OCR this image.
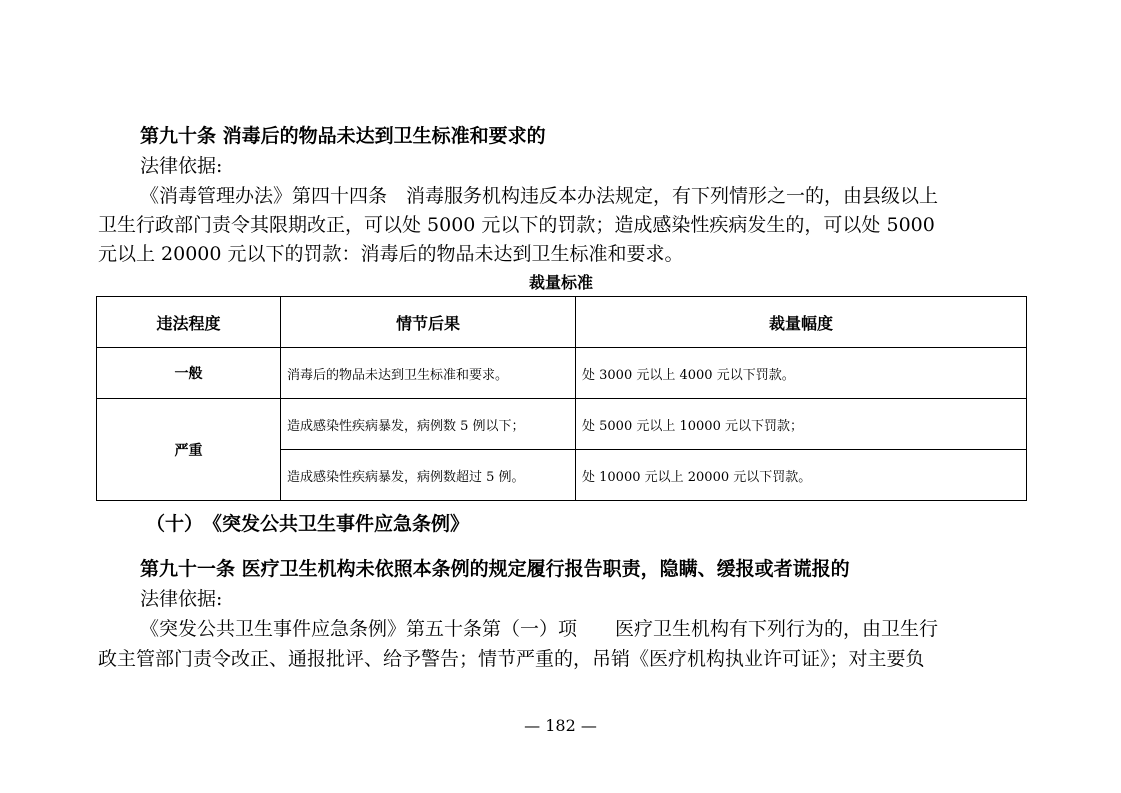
第九十条 消毒后的物品未达到卫生标准和要求的
法律依据:
《消毒管理办法》第四十四条　消毒服务机构违反本办法规定，有下列情形之一的，由县级以上
卫生行政部门责令其限期改正，可以处 5000 元以下的罚款；造成感染性疾病发生的，可以处 5000
元以上 20000 元以下的罚款：消毒后的物品未达到卫生标准和要求。
裁量标准
违法程度	情节后果	裁量幅度
一般	消毒后的物品未达到卫生标准和要求。	处 3000 元以上 4000 元以下罚款。
严重	造成感染性疾病暴发，病例数 5 例以下；	处 5000 元以上 10000 元以下罚款；
	造成感染性疾病暴发，病例数超过 5 例。	处 10000 元以上 20000 元以下罚款。
（十）　《突发公共卫生事件应急条例》
第九十一条 医疗卫生机构未依照本条例的规定履行报告职责，隐瞒、缓报或者谎报的
法律依据:
《突发公共卫生事件应急条例》第五十条第（一）项　　医疗卫生机构有下列行为的，由卫生行
政主管部门责令改正、通报批评、给予警告；情节严重的，吊销《医疗机构执业许可证》；对主要负
— 182 —
